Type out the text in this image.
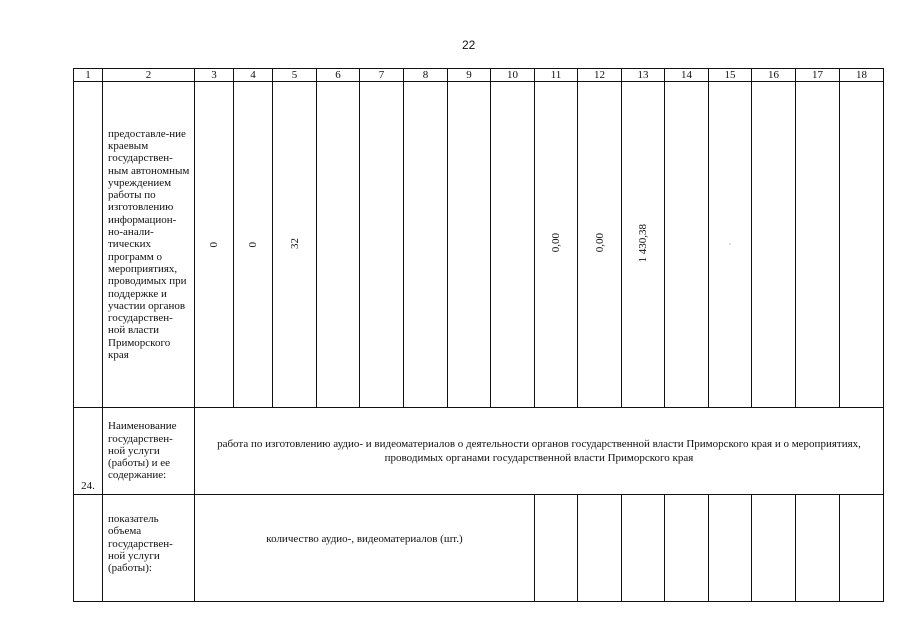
22
1	2	3	4	5	6	7	8	9	10	11	12	13	14	15	16	17	18
	предоставле-ние краевым государствен-ным автономным учреждением работы по изготовлению информацион-но-анали-тических программ о мероприятиях, проводимых при поддержке и участии органов государствен-ной власти Приморского края	0	0	32						0,00	0,00	1 430,38		·			
24.	Наименование государствен-ной услуги (работы) и ее содержание:	работа по изготовлению аудио- и видеоматериалов о деятельности органов государственной власти Приморского края и о мероприятиях, проводимых органами государственной власти Приморского края															
	показатель объема государствен-ной услуги (работы):	количество аудио-, видеоматериалов (шт.)															
